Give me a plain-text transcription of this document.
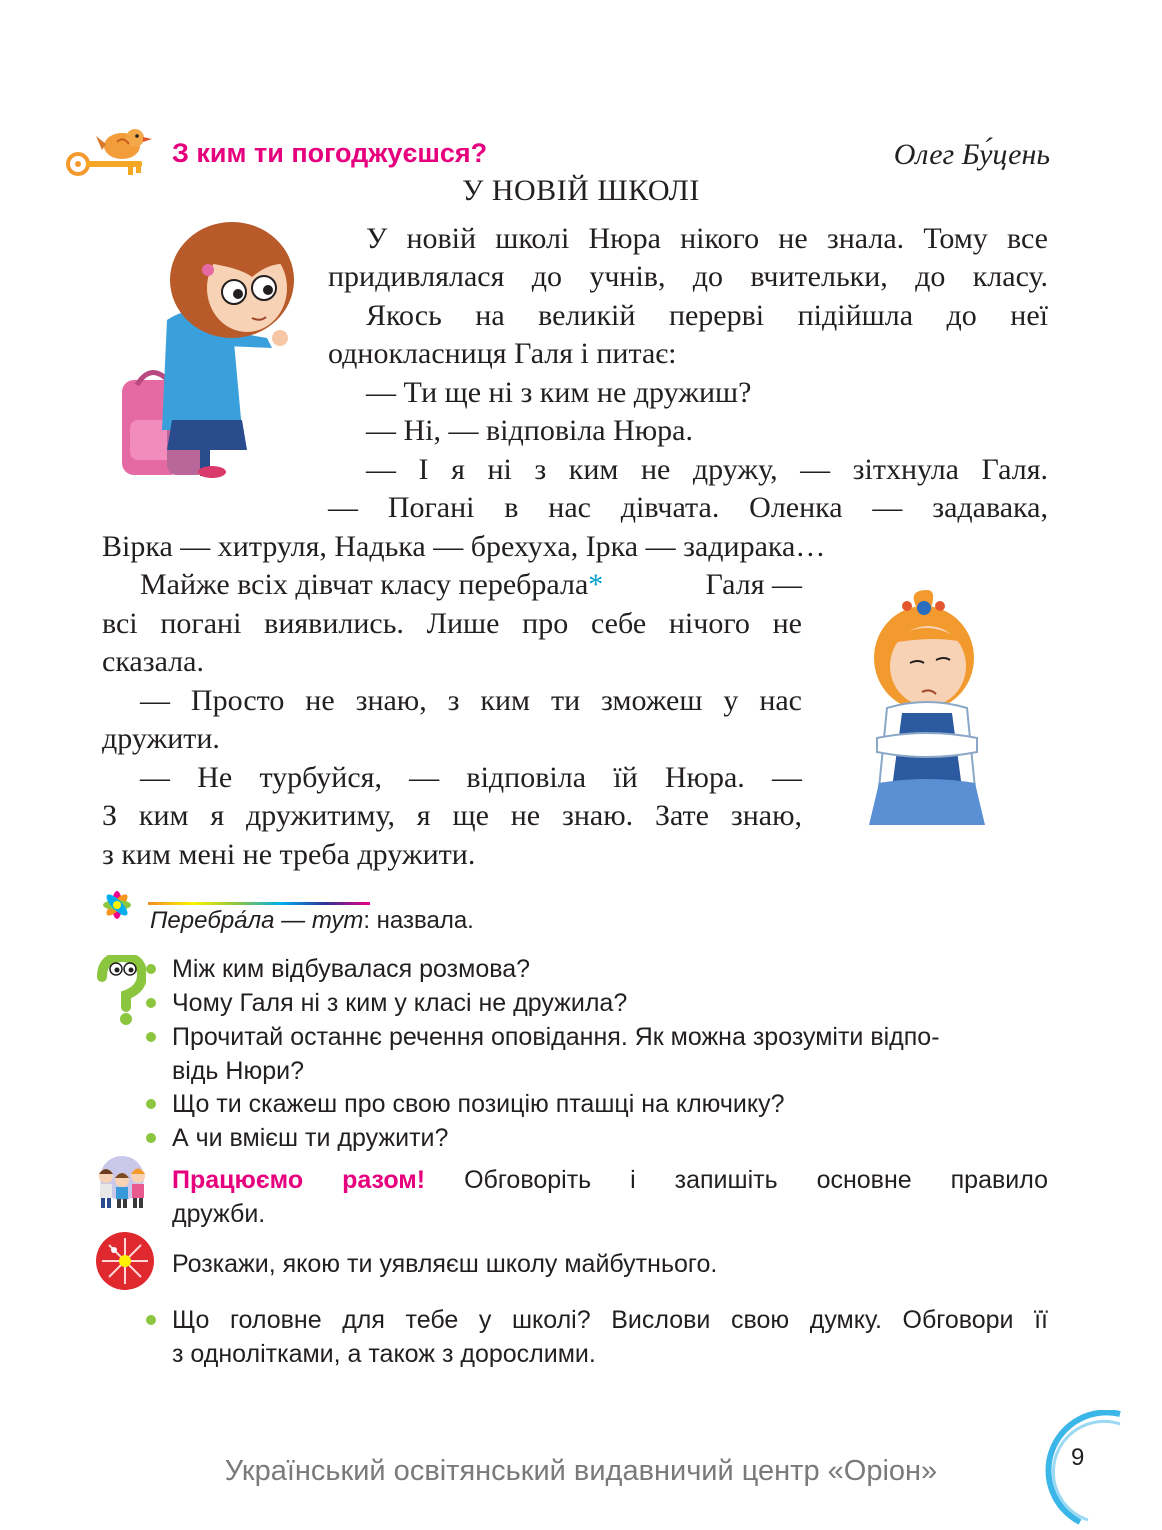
З ким ти погоджуєшся?	Олег Бу́цень
У НОВІЙ ШКОЛІ
У новій школі Нюра нікого не знала. Тому все
придивлялася до учнів, до вчительки, до класу.
Якось на великій перерві підійшла до неї
однокласниця Галя і питає:
— Ти ще ні з ким не дружиш?
— Ні, — відповіла Нюра.
— І я ні з ким не дружу, — зітхнула Галя.
— Погані в нас дівчата. Оленка — задавака,
Вірка — хитруля, Надька — брехуха, Ірка — задирака…
Майже всіх дівчат класу перебрала*	Галя —
всі погані виявились. Лише про себе нічого не
сказала.
— Просто не знаю, з ким ти зможеш у нас
дружити.
— Не турбуйся, — відповіла їй Нюра. —
З ким я дружитиму, я ще не знаю. Зате знаю,
з ким мені не треба дружити.
Перебра́ла — тут: назвала.
Між ким відбувалася розмова?
Чому Галя ні з ким у класі не дружила?
Прочитай останнє речення оповідання. Як можна зрозуміти відпо-
відь Нюри?
Що ти скажеш про свою позицію пташці на ключику?
А чи вмієш ти дружити?
Працюємо разом! Обговоріть і запишіть основне правило
дружби.
Розкажи, якою ти уявляєш школу майбутнього.
Що головне для тебе у школі? Вислови свою думку. Обговори її
з однолітками, а також з дорослими.
Український освітянський видавничий центр «Оріон»	9
